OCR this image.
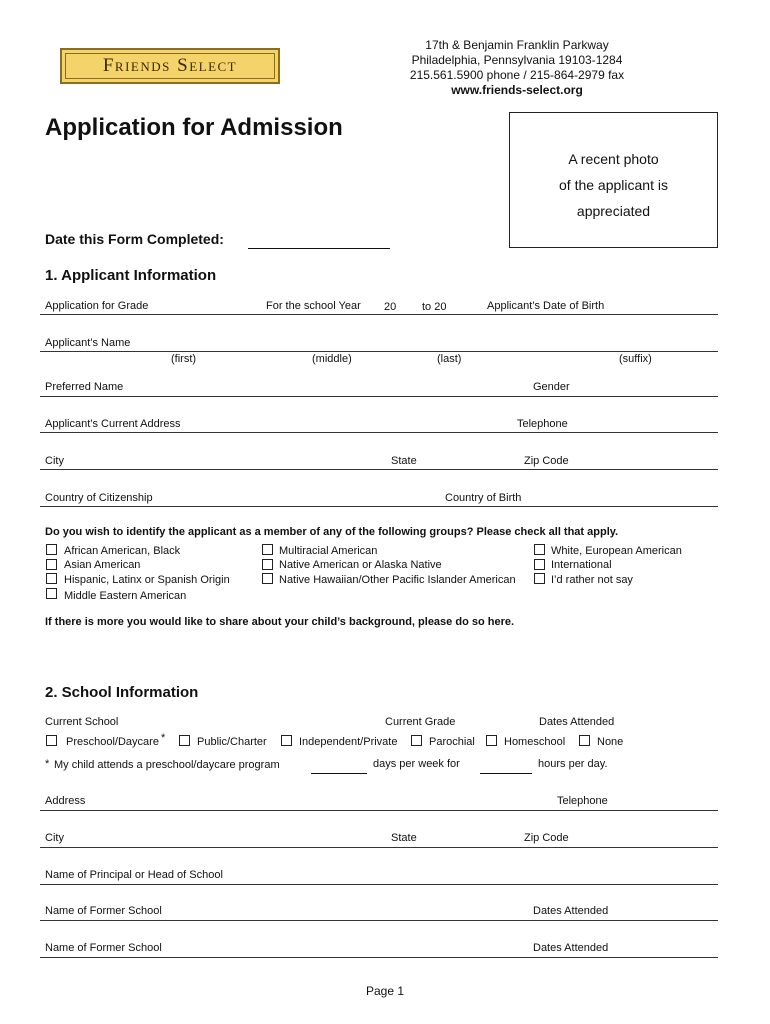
Friends Select
17th & Benjamin Franklin Parkway
Philadelphia, Pennsylvania 19103-1284
215.561.5900 phone / 215-864-2979 fax
www.friends-select.org
Application for Admission
A recent photo
of the applicant is
appreciated
Date this Form Completed:
1. Applicant Information
Application for Grade	For the school Year 20 to 20	Applicant’s Date of Birth
Applicant’s Name
(first)	(middle)	(last)	(suffix)
Preferred Name	Gender
Applicant’s Current Address	Telephone
City	State	Zip Code
Country of Citizenship	Country of Birth
Do you wish to identify the applicant as a member of any of the following groups? Please check all that apply.
African American, Black
Asian American
Hispanic, Latinx or Spanish Origin
Middle Eastern American
Multiracial American
Native American or Alaska Native
Native Hawaiian/Other Pacific Islander American
White, European American
International
I’d rather not say
If there is more you would like to share about your child’s background, please do so here.
2. School Information
Current School	Current Grade	Dates Attended
Preschool/Daycare *	Public/Charter	Independent/Private	Parochial	Homeschool	None
* My child attends a preschool/daycare program	days per week for	hours per day.
Address	Telephone
City	State	Zip Code
Name of Principal or Head of School
Name of Former School	Dates Attended
Name of Former School	Dates Attended
Page 1
